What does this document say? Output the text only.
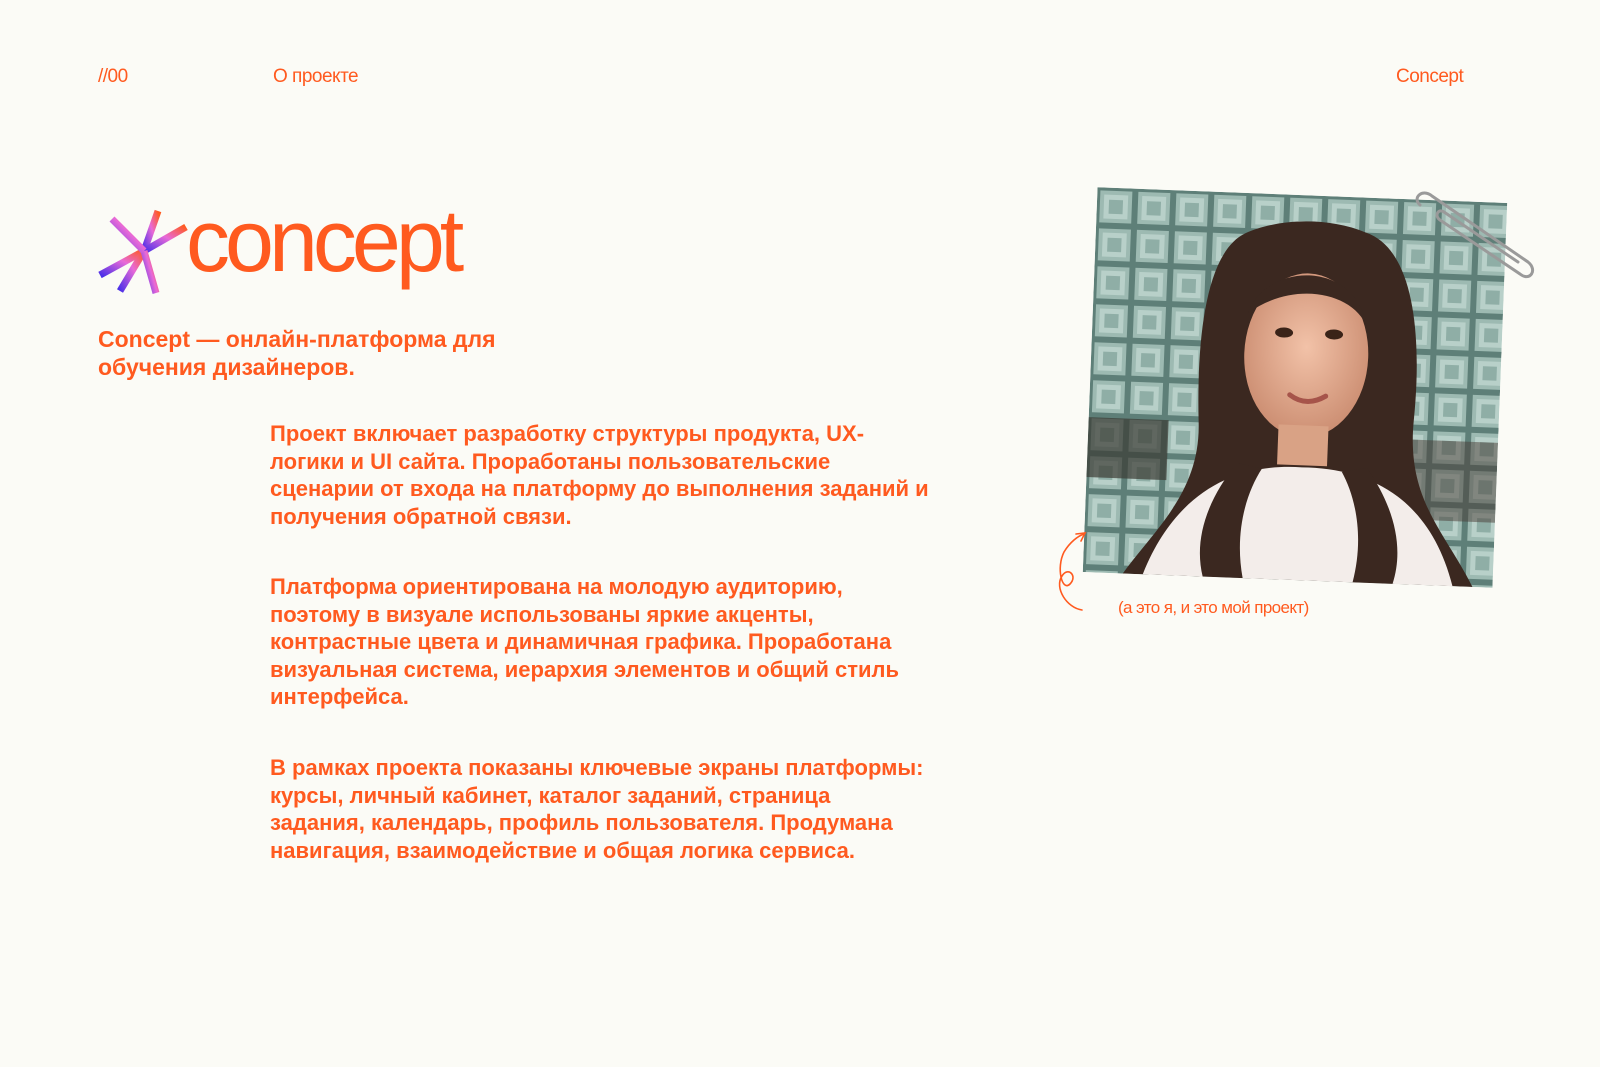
//00	О проекте	Concept
concept
Concept — онлайн-платформа для обучения дизайнеров.
Проект включает разработку структуры продукта, UX-логики и UI сайта. Проработаны пользовательские сценарии от входа на платформу до выполнения заданий и получения обратной связи.
Платформа ориентирована на молодую аудиторию, поэтому в визуале использованы яркие акценты, контрастные цвета и динамичная графика. Проработана визуальная система, иерархия элементов и общий стиль интерфейса.
В рамках проекта показаны ключевые экраны платформы: курсы, личный кабинет, каталог заданий, страница задания, календарь, профиль пользователя. Продумана навигация, взаимодействие и общая логика сервиса.
(а это я, и это мой проект)
